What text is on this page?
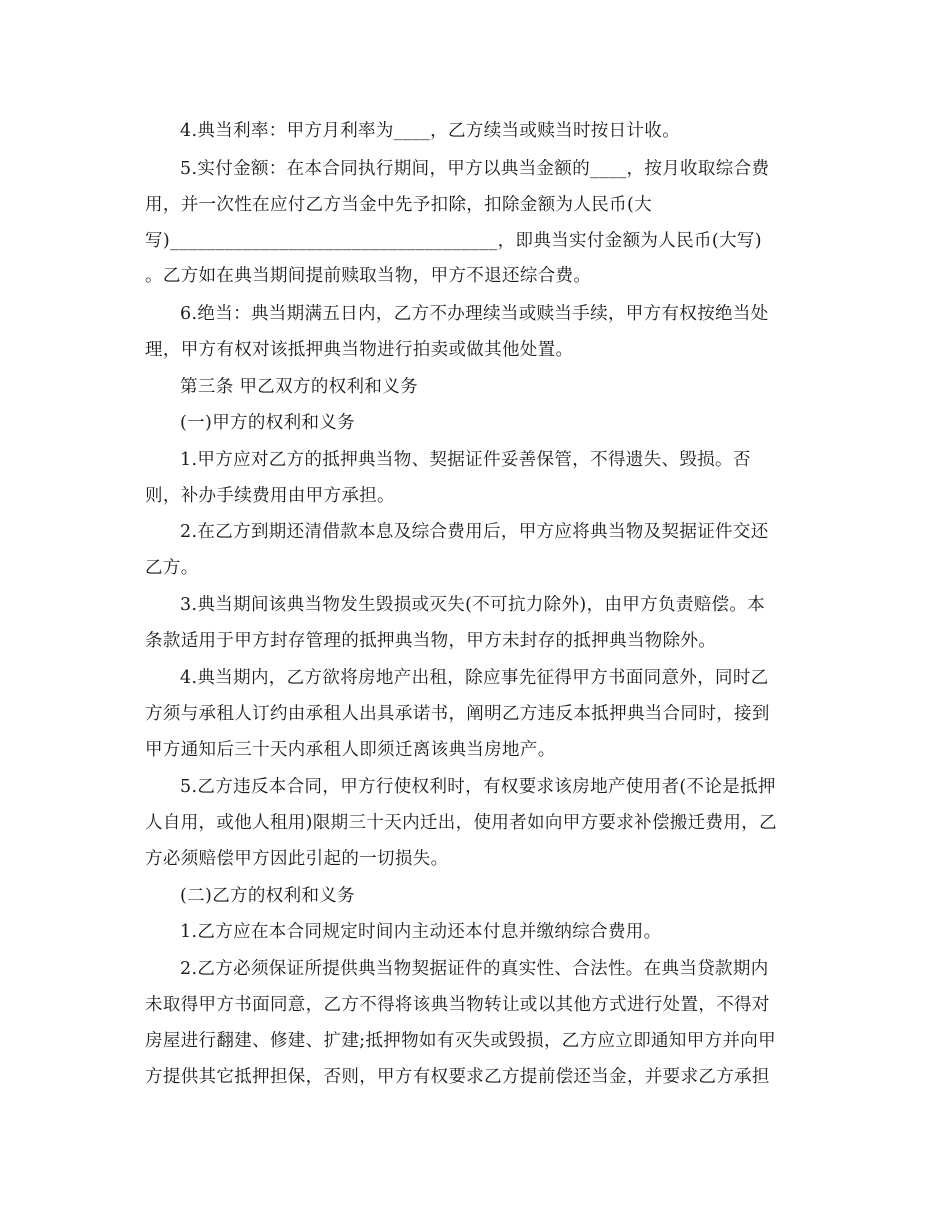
4.典当利率：甲方月利率为____，乙方续当或赎当时按日计收。
5.实付金额：在本合同执行期间，甲方以典当金额的____，按月收取综合费
用，并一次性在应付乙方当金中先予扣除，扣除金额为人民币(大
写)____________________________________，即典当实付金额为人民币(大写)
。乙方如在典当期间提前赎取当物，甲方不退还综合费。
6.绝当：典当期满五日内，乙方不办理续当或赎当手续，甲方有权按绝当处
理，甲方有权对该抵押典当物进行拍卖或做其他处置。
第三条 甲乙双方的权利和义务
(一)甲方的权利和义务
1.甲方应对乙方的抵押典当物、契据证件妥善保管，不得遗失、毁损。否
则，补办手续费用由甲方承担。
2.在乙方到期还清借款本息及综合费用后，甲方应将典当物及契据证件交还
乙方。
3.典当期间该典当物发生毁损或灭失(不可抗力除外)，由甲方负责赔偿。本
条款适用于甲方封存管理的抵押典当物，甲方未封存的抵押典当物除外。
4.典当期内，乙方欲将房地产出租，除应事先征得甲方书面同意外，同时乙
方须与承租人订约由承租人出具承诺书，阐明乙方违反本抵押典当合同时，接到
甲方通知后三十天内承租人即须迁离该典当房地产。
5.乙方违反本合同，甲方行使权利时，有权要求该房地产使用者(不论是抵押
人自用，或他人租用)限期三十天内迁出，使用者如向甲方要求补偿搬迁费用，乙
方必须赔偿甲方因此引起的一切损失。
(二)乙方的权利和义务
1.乙方应在本合同规定时间内主动还本付息并缴纳综合费用。
2.乙方必须保证所提供典当物契据证件的真实性、合法性。在典当贷款期内
未取得甲方书面同意，乙方不得将该典当物转让或以其他方式进行处置，不得对
房屋进行翻建、修建、扩建;抵押物如有灭失或毁损，乙方应立即通知甲方并向甲
方提供其它抵押担保，否则，甲方有权要求乙方提前偿还当金，并要求乙方承担
